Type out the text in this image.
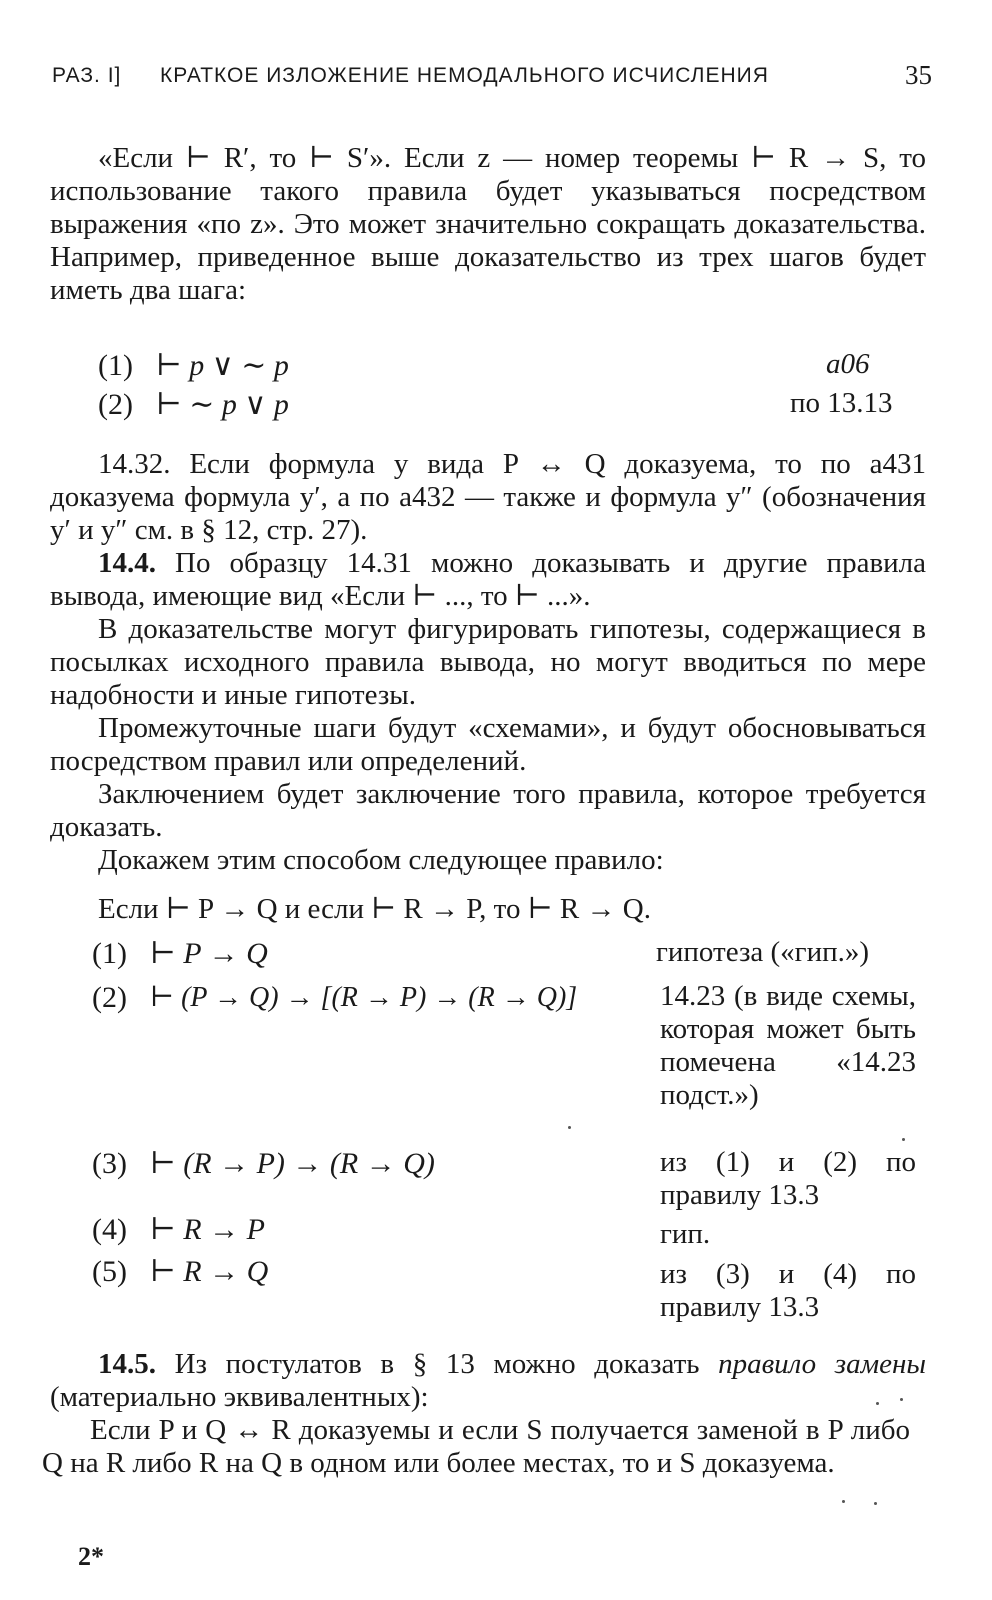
РАЗ. I] КРАТКОЕ ИЗЛОЖЕНИЕ НЕМОДАЛЬНОГО ИСЧИСЛЕНИЯ	35

«Если ⊢ R′, то ⊢ S′». Если z — номер теоремы ⊢ R → S, то использование такого правила будет указываться посредством выражения «по z». Это может значительно сокращать доказательства. Например, приведенное выше доказательство из трех шагов будет иметь два шага:

(1) ⊢ p ∨ ∼ p	a06
(2) ⊢ ∼ p ∨ p	по 13.13

14.32. Если формула y вида P ↔ Q доказуема, то по a431 доказуема формула y′, а по a432 — также и формула y″ (обозначения y′ и y″ см. в § 12, стр. 27).

14.4. По образцу 14.31 можно доказывать и другие правила вывода, имеющие вид «Если ⊢ ..., то ⊢ ...».

В доказательстве могут фигурировать гипотезы, содержащиеся в посылках исходного правила вывода, но могут вводиться по мере надобности и иные гипотезы.

Промежуточные шаги будут «схемами», и будут обосновываться посредством правил или определений.

Заключением будет заключение того правила, которое требуется доказать.

Докажем этим способом следующее правило:

Если ⊢ P → Q и если ⊢ R → P, то ⊢ R → Q.

(1) ⊢ P → Q	гипотеза («гип.»)
(2) ⊢ (P → Q) → [(R → P) → (R → Q)]	14.23 (в виде схемы, которая может быть помечена «14.23 подст.»)
(3) ⊢ (R → P) → (R → Q)	из (1) и (2) по правилу 13.3
(4) ⊢ R → P	гип.
(5) ⊢ R → Q	из (3) и (4) по правилу 13.3

14.5. Из постулатов в § 13 можно доказать правило замены (материально эквивалентных):

Если P и Q ↔ R доказуемы и если S получается заменой в P либо Q на R либо R на Q в одном или более местах, то и S доказуема.

2*
